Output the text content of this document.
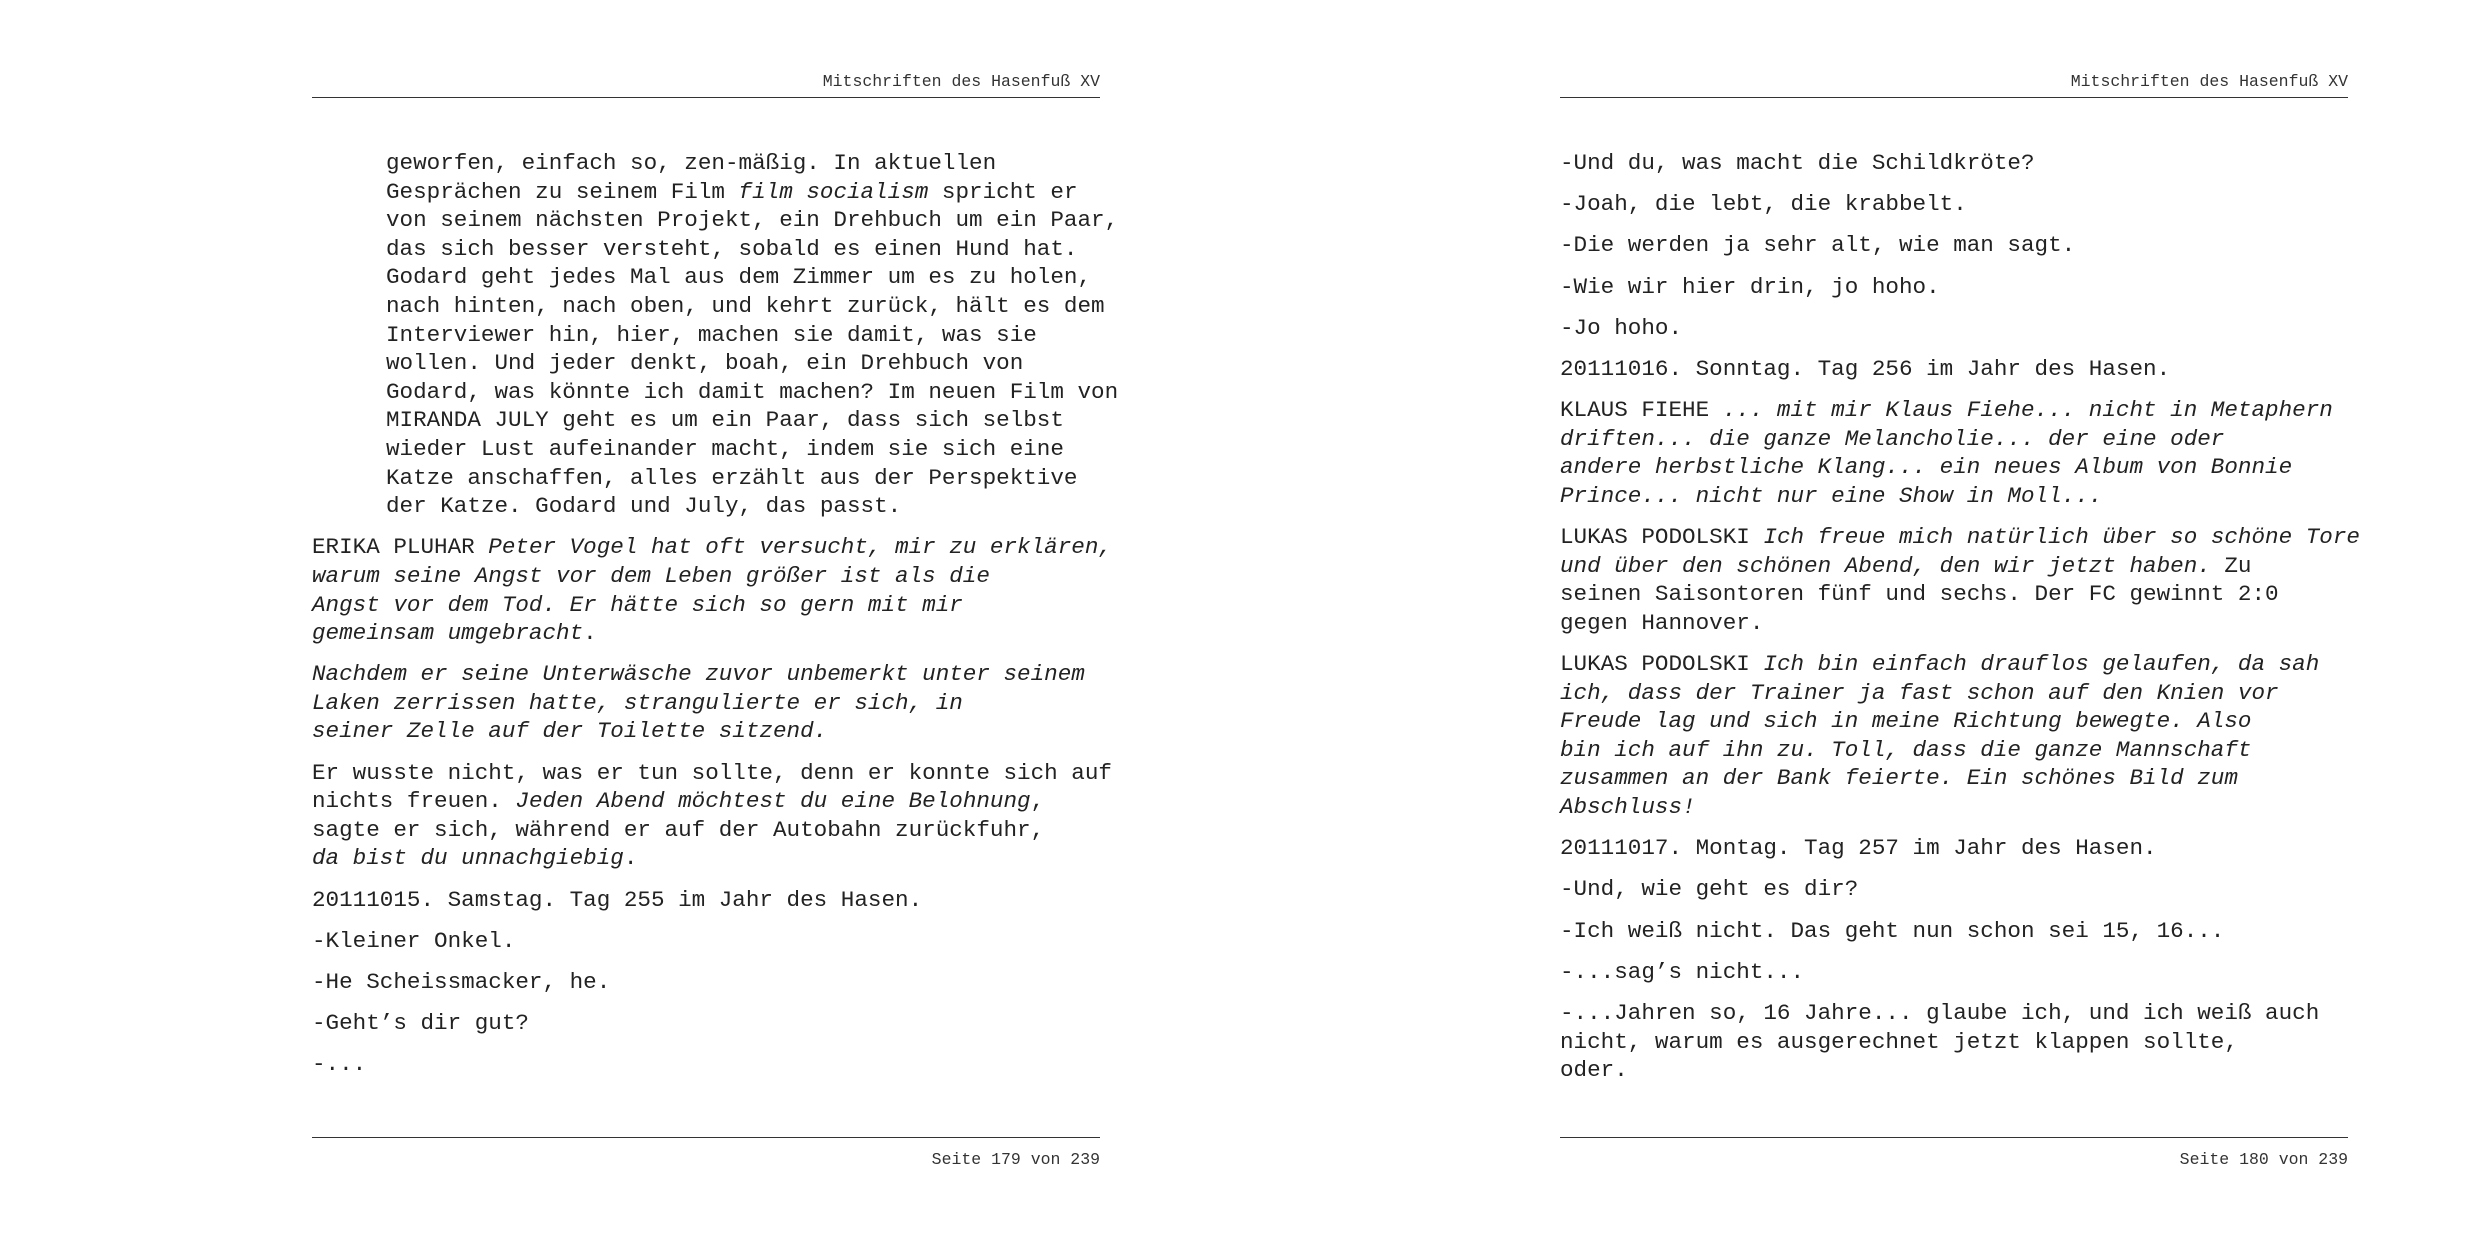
Mitschriften des Hasenfuß XV

geworfen, einfach so, zen-mäßig. In aktuellen
Gesprächen zu seinem Film film socialism spricht er
von seinem nächsten Projekt, ein Drehbuch um ein Paar,
das sich besser versteht, sobald es einen Hund hat.
Godard geht jedes Mal aus dem Zimmer um es zu holen,
nach hinten, nach oben, und kehrt zurück, hält es dem
Interviewer hin, hier, machen sie damit, was sie
wollen. Und jeder denkt, boah, ein Drehbuch von
Godard, was könnte ich damit machen? Im neuen Film von
MIRANDA JULY geht es um ein Paar, dass sich selbst
wieder Lust aufeinander macht, indem sie sich eine
Katze anschaffen, alles erzählt aus der Perspektive
der Katze. Godard und July, das passt.

ERIKA PLUHAR Peter Vogel hat oft versucht, mir zu erklären,
warum seine Angst vor dem Leben größer ist als die
Angst vor dem Tod. Er hätte sich so gern mit mir
gemeinsam umgebracht.

Nachdem er seine Unterwäsche zuvor unbemerkt unter seinem
Laken zerrissen hatte, strangulierte er sich, in
seiner Zelle auf der Toilette sitzend.

Er wusste nicht, was er tun sollte, denn er konnte sich auf
nichts freuen. Jeden Abend möchtest du eine Belohnung,
sagte er sich, während er auf der Autobahn zurückfuhr,
da bist du unnachgiebig.

20111015. Samstag. Tag 255 im Jahr des Hasen.

-Kleiner Onkel.

-He Scheissmacker, he.

-Geht’s dir gut?

-...

Seite 179 von 239
Mitschriften des Hasenfuß XV

-Und du, was macht die Schildkröte?

-Joah, die lebt, die krabbelt.

-Die werden ja sehr alt, wie man sagt.

-Wie wir hier drin, jo hoho.

-Jo hoho.

20111016. Sonntag. Tag 256 im Jahr des Hasen.

KLAUS FIEHE ... mit mir Klaus Fiehe... nicht in Metaphern
driften... die ganze Melancholie... der eine oder
andere herbstliche Klang... ein neues Album von Bonnie
Prince... nicht nur eine Show in Moll...

LUKAS PODOLSKI Ich freue mich natürlich über so schöne Tore
und über den schönen Abend, den wir jetzt haben. Zu
seinen Saisontoren fünf und sechs. Der FC gewinnt 2:0
gegen Hannover.

LUKAS PODOLSKI Ich bin einfach drauflos gelaufen, da sah
ich, dass der Trainer ja fast schon auf den Knien vor
Freude lag und sich in meine Richtung bewegte. Also
bin ich auf ihn zu. Toll, dass die ganze Mannschaft
zusammen an der Bank feierte. Ein schönes Bild zum
Abschluss!

20111017. Montag. Tag 257 im Jahr des Hasen.

-Und, wie geht es dir?

-Ich weiß nicht. Das geht nun schon sei 15, 16...

-...sag’s nicht...

-...Jahren so, 16 Jahre... glaube ich, und ich weiß auch
nicht, warum es ausgerechnet jetzt klappen sollte,
oder.

Seite 180 von 239
